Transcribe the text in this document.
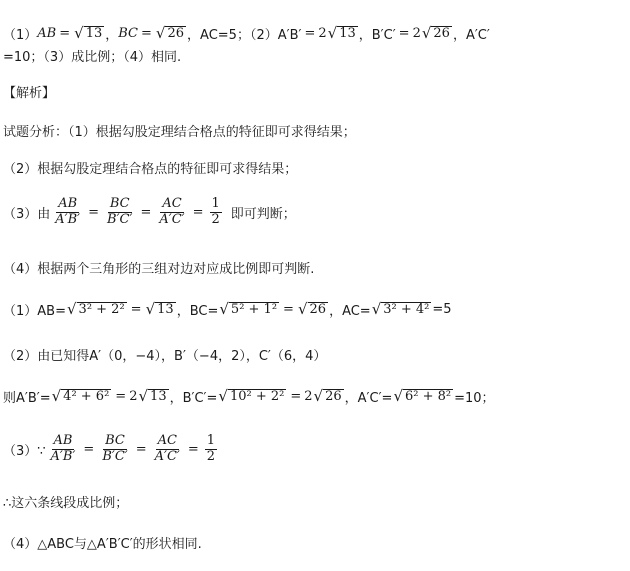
（1） AB = √ 13 ， BC = √ 26 ， AC=5；（2）A′B′ = 2 √ 13 ，B′C′ = 2 √ 26 ，A′C′
=10；（3）成比例；（4）相同.
【解析】
试题分析：（1）根据勾股定理结合格点的特征即可求得结果；
（2）根据勾股定理结合格点的特征即可求得结果；
（3）由 $\frac{AB}{A'B'} = \frac{BC}{B'C'} = \frac{AC}{A'C'} = \frac{1}{2}$ 即可判断；
（4）根据两个三角形的三组对边对应成比例即可判断.
（1）AB= √ 3² + 2² = √ 13 ，BC= √ 5² + 1² = √ 26 ，AC= √ 3² + 4² =5
（2）由已知得A′（0，−4），B′（−4，2），C′（6，4）
则A′B′= √ 4² + 6² = 2 √ 13 ，B′C′= √ 10² + 2² = 2 √ 26 ，A′C′= √ 6² + 8² =10；
（3）∵ $\frac{AB}{A'B'} = \frac{BC}{B'C'} = \frac{AC}{A'C'} = \frac{1}{2}$
∴这六条线段成比例；
（4）△ABC与△A′B′C′的形状相同.
